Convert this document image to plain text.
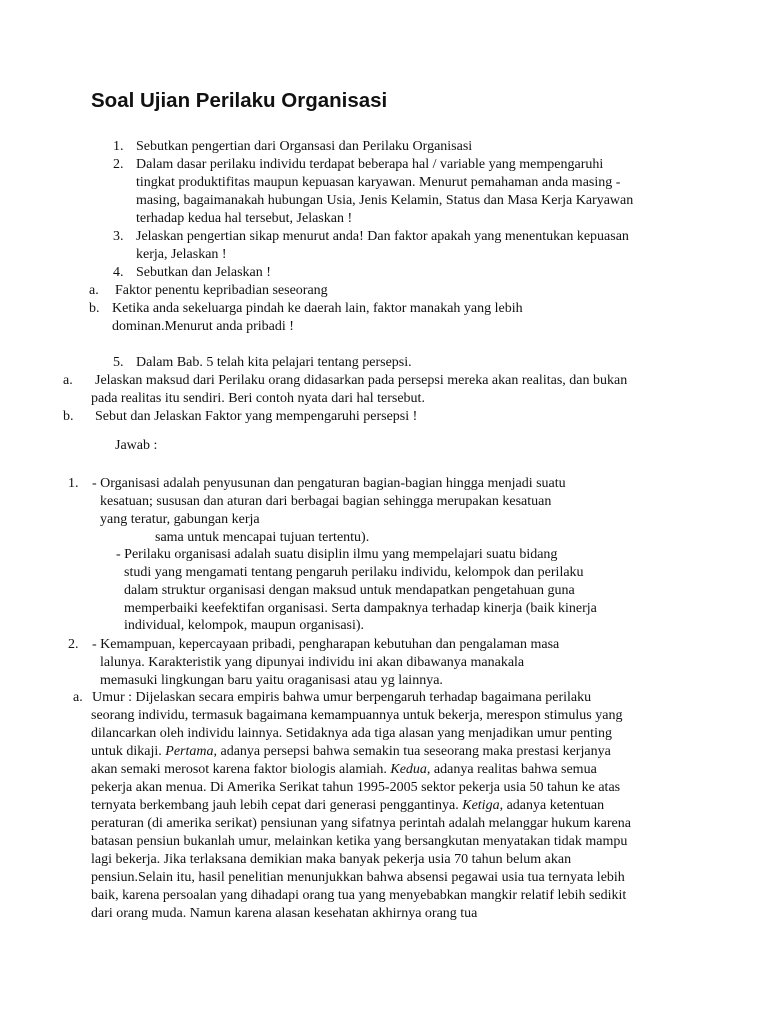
Soal Ujian Perilaku Organisasi
1. Sebutkan pengertian dari Organsasi dan Perilaku Organisasi
2. Dalam dasar perilaku individu terdapat beberapa hal / variable yang mempengaruhi
tingkat produktifitas maupun kepuasan karyawan. Menurut pemahaman anda masing -
masing, bagaimanakah hubungan Usia, Jenis Kelamin, Status dan Masa Kerja Karyawan
terhadap kedua hal tersebut, Jelaskan !
3. Jelaskan pengertian sikap menurut anda! Dan faktor apakah yang menentukan kepuasan
kerja, Jelaskan !
4. Sebutkan dan Jelaskan !
a. Faktor penentu kepribadian seseorang
b. Ketika anda sekeluarga pindah ke daerah lain, faktor manakah yang lebih
dominan.Menurut anda pribadi !
5. Dalam Bab. 5 telah kita pelajari tentang persepsi.
a. Jelaskan maksud dari Perilaku orang didasarkan pada persepsi mereka akan realitas, dan bukan
pada realitas itu sendiri. Beri contoh nyata dari hal tersebut.
b. Sebut dan Jelaskan Faktor yang mempengaruhi persepsi !
Jawab :
1. - Organisasi adalah penyusunan dan pengaturan bagian-bagian hingga menjadi suatu
kesatuan; sususan dan aturan dari berbagai bagian sehingga merupakan kesatuan
yang teratur, gabungan kerja
sama untuk mencapai tujuan tertentu).
- Perilaku organisasi adalah suatu disiplin ilmu yang mempelajari suatu bidang
studi yang mengamati tentang pengaruh perilaku individu, kelompok dan perilaku
dalam struktur organisasi dengan maksud untuk mendapatkan pengetahuan guna
memperbaiki keefektifan organisasi. Serta dampaknya terhadap kinerja (baik kinerja
individual, kelompok, maupun organisasi).
2. - Kemampuan, kepercayaan pribadi, pengharapan kebutuhan dan pengalaman masa
lalunya. Karakteristik yang dipunyai individu ini akan dibawanya manakala
memasuki lingkungan baru yaitu oraganisasi atau yg lainnya.
a. Umur : Dijelaskan secara empiris bahwa umur berpengaruh terhadap bagaimana perilaku
seorang individu, termasuk bagaimana kemampuannya untuk bekerja, merespon stimulus yang
dilancarkan oleh individu lainnya. Setidaknya ada tiga alasan yang menjadikan umur penting
untuk dikaji. Pertama, adanya persepsi bahwa semakin tua seseorang maka prestasi kerjanya
akan semaki merosot karena faktor biologis alamiah. Kedua, adanya realitas bahwa semua
pekerja akan menua. Di Amerika Serikat tahun 1995-2005 sektor pekerja usia 50 tahun ke atas
ternyata berkembang jauh lebih cepat dari generasi penggantinya. Ketiga, adanya ketentuan
peraturan (di amerika serikat) pensiunan yang sifatnya perintah adalah melanggar hukum karena
batasan pensiun bukanlah umur, melainkan ketika yang bersangkutan menyatakan tidak mampu
lagi bekerja. Jika terlaksana demikian maka banyak pekerja usia 70 tahun belum akan
pensiun.Selain itu, hasil penelitian menunjukkan bahwa absensi pegawai usia tua ternyata lebih
baik, karena persoalan yang dihadapi orang tua yang menyebabkan mangkir relatif lebih sedikit
dari orang muda. Namun karena alasan kesehatan akhirnya orang tua
